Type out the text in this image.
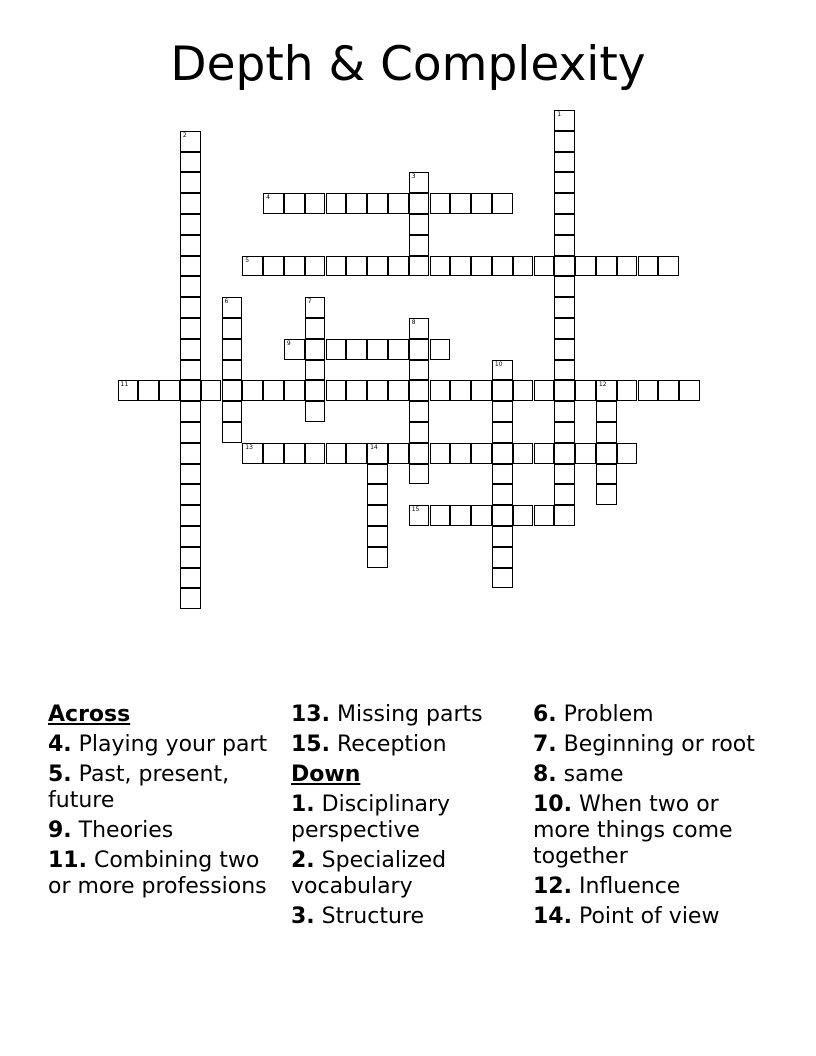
Depth & Complexity
1
2
3
4
5
6	7
8
9
10
11	12
13	14
15
Across
4. Playing your part
5. Past, present, future
9. Theories
11. Combining two or more professions
13. Missing parts
15. Reception
Down
1. Disciplinary perspective
2. Specialized vocabulary
3. Structure
6. Problem
7. Beginning or root
8. same
10. When two or more things come together
12. Influence
14. Point of view
